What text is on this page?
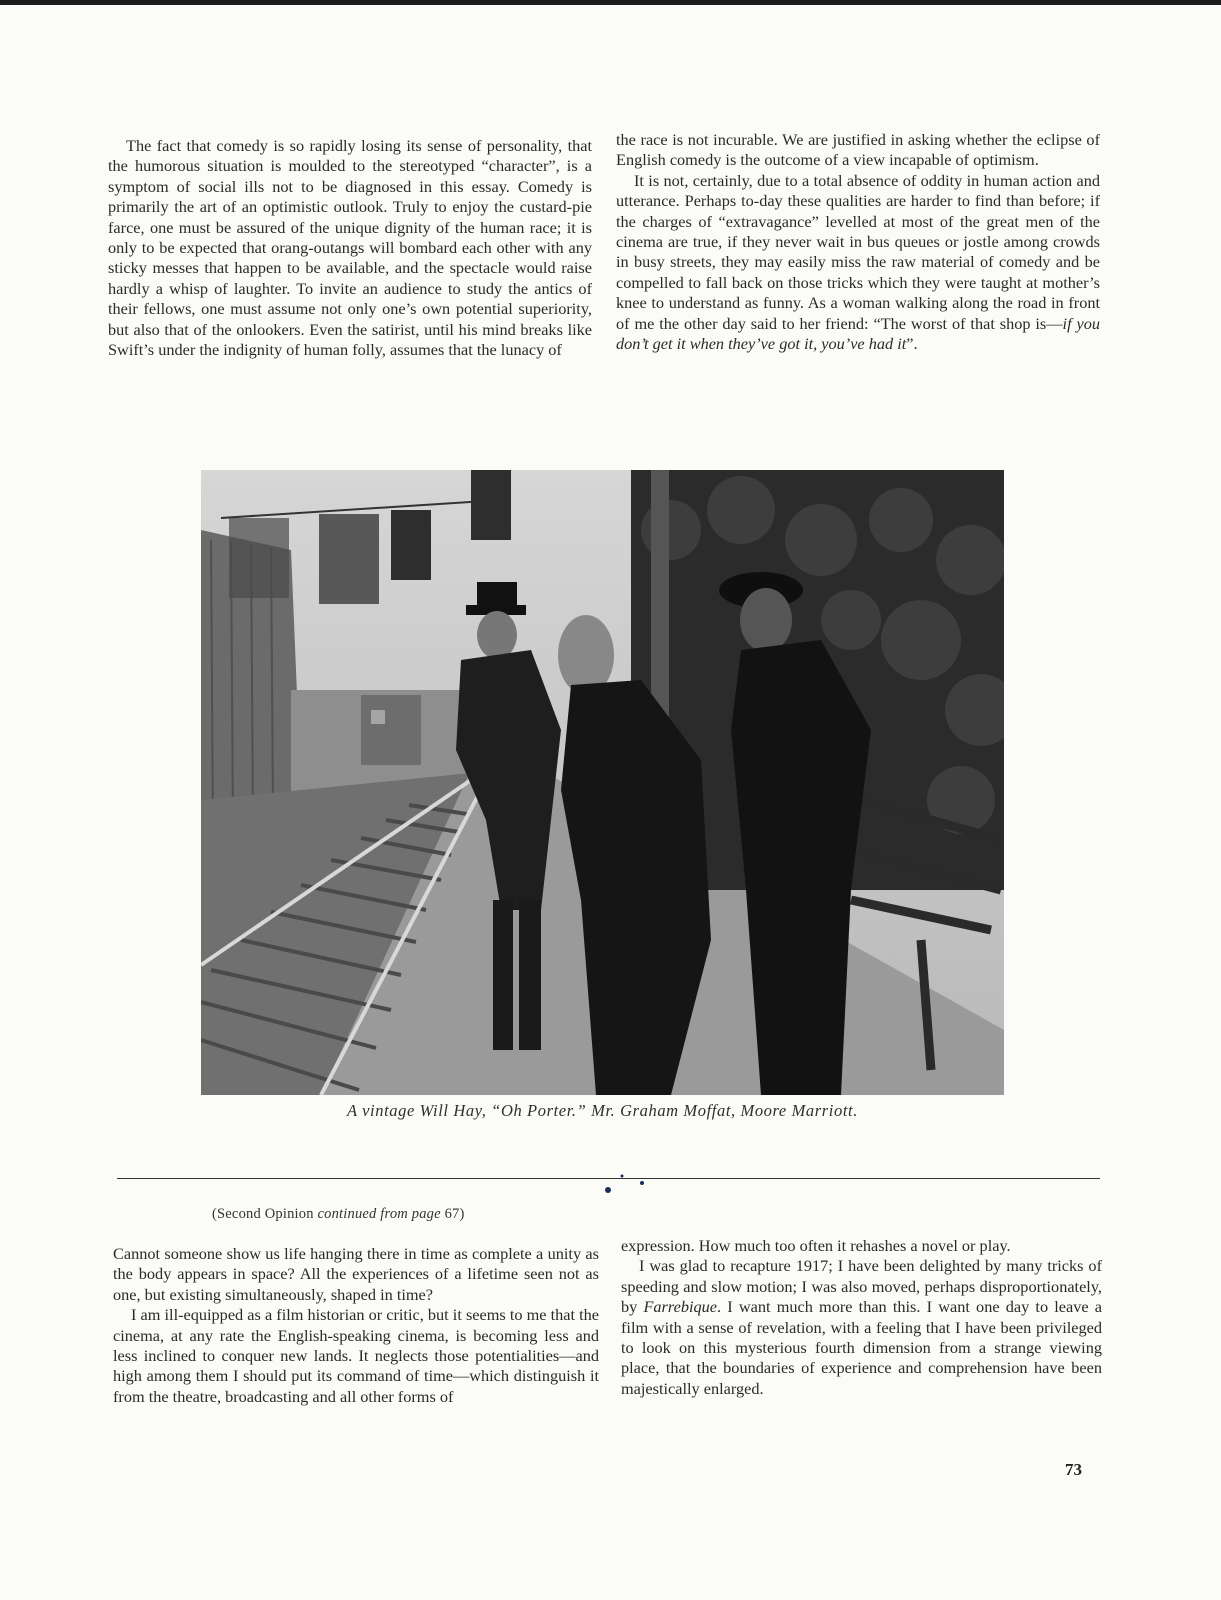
The fact that comedy is so rapidly losing its sense of personality, that the humorous situation is moulded to the stereotyped “character”, is a symptom of social ills not to be diagnosed in this essay. Comedy is primarily the art of an optimistic outlook. Truly to enjoy the custard-pie farce, one must be assured of the unique dignity of the human race; it is only to be expected that orang-outangs will bombard each other with any sticky messes that happen to be available, and the spectacle would raise hardly a whisp of laughter. To invite an audience to study the antics of their fellows, one must assume not only one’s own potential superiority, but also that of the onlookers. Even the satirist, until his mind breaks like Swift’s under the indignity of human folly, assumes that the lunacy of

the race is not incurable. We are justified in asking whether the eclipse of English comedy is the outcome of a view incapable of optimism.

It is not, certainly, due to a total absence of oddity in human action and utterance. Perhaps to-day these qualities are harder to find than before; if the charges of “extravagance” levelled at most of the great men of the cinema are true, if they never wait in bus queues or jostle among crowds in busy streets, they may easily miss the raw material of comedy and be compelled to fall back on those tricks which they were taught at mother’s knee to understand as funny. As a woman walking along the road in front of me the other day said to her friend: “The worst of that shop is—if you don’t get it when they’ve got it, you’ve had it”.

A vintage Will Hay, “Oh Porter.” Mr. Graham Moffat, Moore Marriott.
(Second Opinion continued from page 67)

Cannot someone show us life hanging there in time as complete a unity as the body appears in space? All the experiences of a lifetime seen not as one, but existing simultaneously, shaped in time?

I am ill-equipped as a film historian or critic, but it seems to me that the cinema, at any rate the English-speaking cinema, is becoming less and less inclined to conquer new lands. It neglects those potentialities—and high among them I should put its command of time—which distinguish it from the theatre, broadcasting and all other forms of

expression. How much too often it rehashes a novel or play.

I was glad to recapture 1917; I have been delighted by many tricks of speeding and slow motion; I was also moved, perhaps disproportionately, by Farrebique. I want much more than this. I want one day to leave a film with a sense of revelation, with a feeling that I have been privileged to look on this mysterious fourth dimension from a strange viewing place, that the boundaries of experience and comprehension have been majestically enlarged.

73
